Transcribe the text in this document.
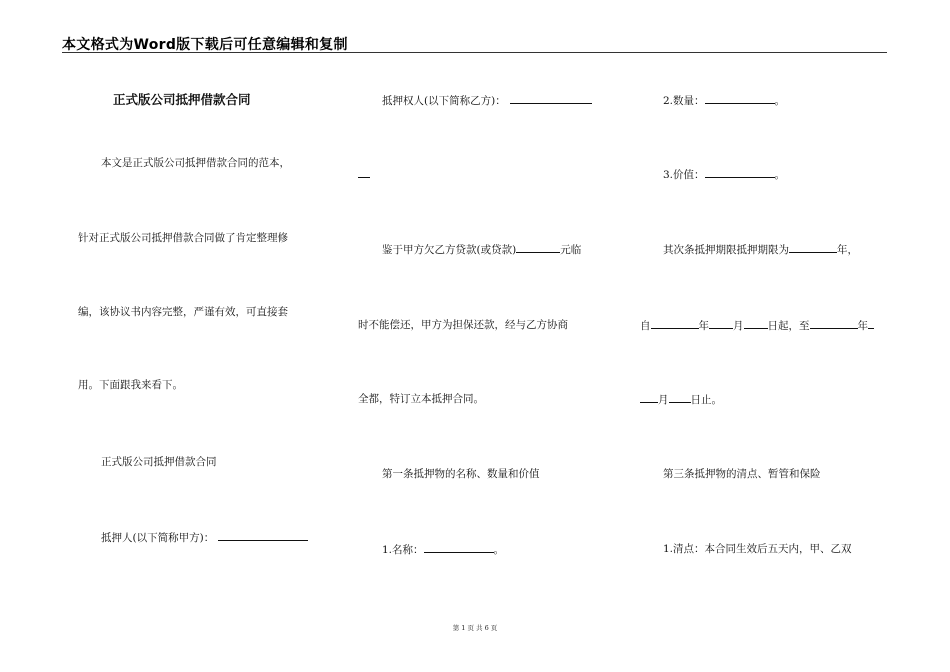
本文格式为Word版下载后可任意编辑和复制
正式版公司抵押借款合同
本文是正式版公司抵押借款合同的范本，
针对正式版公司抵押借款合同做了肯定整理修
编，该协议书内容完整，严谨有效，可直接套
用。下面跟我来看下。
正式版公司抵押借款合同
抵押人(以下简称甲方)：
抵押权人(以下简称乙方)：
鉴于甲方欠乙方贷款(或贷款)	元临
时不能偿还，甲方为担保还款，经与乙方协商
全都，特订立本抵押合同。
第一条抵押物的名称、数量和价值
1.名称：	。
2.数量：	。
3.价值：	。
其次条抵押期限抵押期限为	年，
自	年 月 日起，至	年
月 日止。
第三条抵押物的清点、暂管和保险
1.清点：本合同生效后五天内，甲、乙双
第 1 页 共 6 页
